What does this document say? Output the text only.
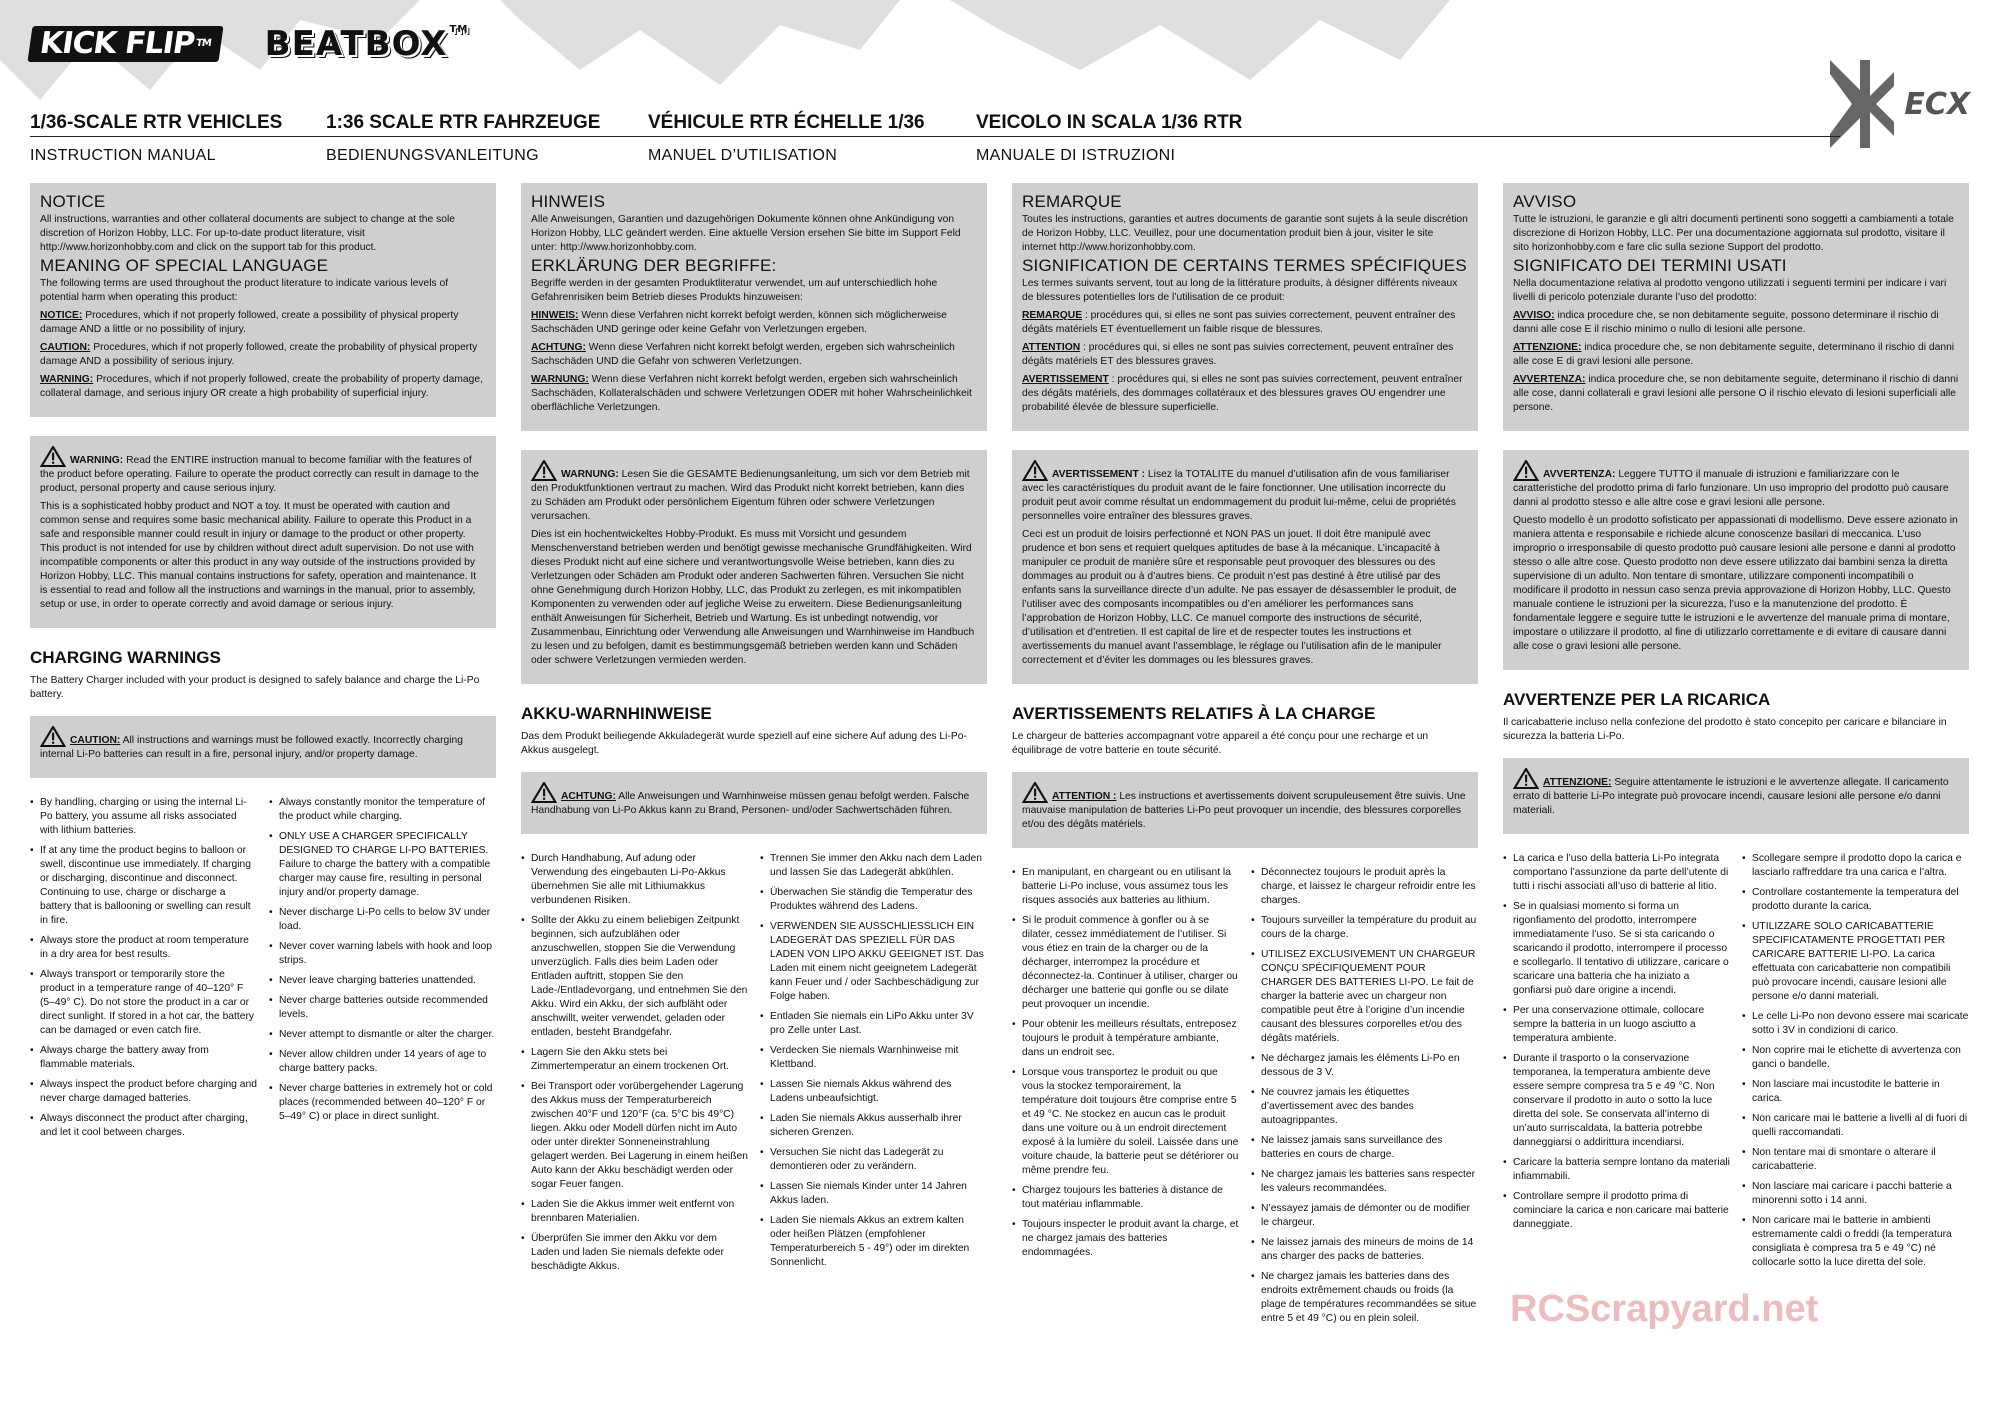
KICK FLIP™	BEATBOX ™
ECX
1/36-SCALE RTR VEHICLES	1:36 SCALE RTR FAHRZEUGE	VÉHICULE RTR ÉCHELLE 1/36	VEICOLO IN SCALA 1/36 RTR
INSTRUCTION MANUAL	BEDIENUNGSVANLEITUNG	MANUEL D’UTILISATION	MANUALE DI ISTRUZIONI
NOTICE

All instructions, warranties and other collateral documents are subject to change at the sole discretion of Horizon Hobby, LLC. For up-to-date product literature, visit http://www.horizonhobby.com and click on the support tab for this product.

MEANING OF SPECIAL LANGUAGE

The following terms are used throughout the product literature to indicate various levels of potential harm when operating this product:

NOTICE: Procedures, which if not properly followed, create a possibility of physical property damage AND a little or no possibility of injury.

CAUTION: Procedures, which if not properly followed, create the probability of physical property damage AND a possibility of serious injury.

WARNING: Procedures, which if not properly followed, create the probability of property damage, collateral damage, and serious injury OR create a high probability of superficial injury.

WARNING: Read the ENTIRE instruction manual to become familiar with the features of the product before operating. Failure to operate the product correctly can result in damage to the product, personal property and cause serious injury.

This is a sophisticated hobby product and NOT a toy. It must be operated with caution and common sense and requires some basic mechanical ability. Failure to operate this Product in a safe and responsible manner could result in injury or damage to the product or other property. This product is not intended for use by children without direct adult supervision. Do not use with incompatible components or alter this product in any way outside of the instructions provided by Horizon Hobby, LLC. This manual contains instructions for safety, operation and maintenance. It is essential to read and follow all the instructions and warnings in the manual, prior to assembly, setup or use, in order to operate correctly and avoid damage or serious injury.

CHARGING WARNINGS

The Battery Charger included with your product is designed to safely balance and charge the Li-Po battery.

CAUTION: All instructions and warnings must be followed exactly. Incorrectly charging internal Li-Po batteries can result in a fire, personal injury, and/or property damage.

• By handling, charging or using the internal Li-Po battery, you assume all risks associated with lithium batteries.
• If at any time the product begins to balloon or swell, discontinue use immediately. If charging or discharging, discontinue and disconnect. Continuing to use, charge or discharge a battery that is ballooning or swelling can result in fire.
• Always store the product at room temperature in a dry area for best results.
• Always transport or temporarily store the product in a temperature range of 40–120° F (5–49° C). Do not store the product in a car or direct sunlight. If stored in a hot car, the battery can be damaged or even catch fire.
• Always charge the battery away from flammable materials.
• Always inspect the product before charging and never charge damaged batteries.
• Always disconnect the product after charging, and let it cool between charges.
• Always constantly monitor the temperature of the product while charging.
• ONLY USE A CHARGER SPECIFICALLY DESIGNED TO CHARGE LI-PO BATTERIES. Failure to charge the battery with a compatible charger may cause fire, resulting in personal injury and/or property damage.
• Never discharge Li-Po cells to below 3V under load.
• Never cover warning labels with hook and loop strips.
• Never leave charging batteries unattended.
• Never charge batteries outside recommended levels.
• Never attempt to dismantle or alter the charger.
• Never allow children under 14 years of age to charge battery packs.
• Never charge batteries in extremely hot or cold places (recommended between 40–120° F or 5–49° C) or place in direct sunlight.
HINWEIS

Alle Anweisungen, Garantien und dazugehörigen Dokumente können ohne Ankündigung von Horizon Hobby, LLC geändert werden. Eine aktuelle Version ersehen Sie bitte im Support Feld unter: http://www.horizonhobby.com.

ERKLÄRUNG DER BEGRIFFE:

Begriffe werden in der gesamten Produktliteratur verwendet, um auf unterschiedlich hohe Gefahrenrisiken beim Betrieb dieses Produkts hinzuweisen:

HINWEIS: Wenn diese Verfahren nicht korrekt befolgt werden, können sich möglicherweise Sachschäden UND geringe oder keine Gefahr von Verletzungen ergeben.

ACHTUNG: Wenn diese Verfahren nicht korrekt befolgt werden, ergeben sich wahrscheinlich Sachschäden UND die Gefahr von schweren Verletzungen.

WARNUNG: Wenn diese Verfahren nicht korrekt befolgt werden, ergeben sich wahrscheinlich Sachschäden, Kollateralschäden und schwere Verletzungen ODER mit hoher Wahrscheinlichkeit oberflächliche Verletzungen.

WARNUNG: Lesen Sie die GESAMTE Bedienungsanleitung, um sich vor dem Betrieb mit den Produktfunktionen vertraut zu machen. Wird das Produkt nicht korrekt betrieben, kann dies zu Schäden am Produkt oder persönlichem Eigentum führen oder schwere Verletzungen verursachen.

Dies ist ein hochentwickeltes Hobby-Produkt. Es muss mit Vorsicht und gesundem Menschenverstand betrieben werden und benötigt gewisse mechanische Grundfähigkeiten. Wird dieses Produkt nicht auf eine sichere und verantwortungsvolle Weise betrieben, kann dies zu Verletzungen oder Schäden am Produkt oder anderen Sachwerten führen. Versuchen Sie nicht ohne Genehmigung durch Horizon Hobby, LLC, das Produkt zu zerlegen, es mit inkompatiblen Komponenten zu verwenden oder auf jegliche Weise zu erweitern. Diese Bedienungsanleitung enthält Anweisungen für Sicherheit, Betrieb und Wartung. Es ist unbedingt notwendig, vor Zusammenbau, Einrichtung oder Verwendung alle Anweisungen und Warnhinweise im Handbuch zu lesen und zu befolgen, damit es bestimmungsgemäß betrieben werden kann und Schäden oder schwere Verletzungen vermieden werden.

AKKU-WARNHINWEISE

Das dem Produkt beiliegende Akkuladegerät wurde speziell auf eine sichere Auf adung des Li-Po-Akkus ausgelegt.

ACHTUNG: Alle Anweisungen und Warnhinweise müssen genau befolgt werden. Falsche Handhabung von Li-Po Akkus kann zu Brand, Personen- und/oder Sachwertschäden führen.

• Durch Handhabung, Auf adung oder Verwendung des eingebauten Li-Po-Akkus übernehmen Sie alle mit Lithiumakkus verbundenen Risiken.
• Sollte der Akku zu einem beliebigen Zeitpunkt beginnen, sich aufzublähen oder anzuschwellen, stoppen Sie die Verwendung unverzüglich. Falls dies beim Laden oder Entladen auftritt, stoppen Sie den Lade-/Entladevorgang, und entnehmen Sie den Akku. Wird ein Akku, der sich aufbläht oder anschwillt, weiter verwendet, geladen oder entladen, besteht Brandgefahr.
• Lagern Sie den Akku stets bei Zimmertemperatur an einem trockenen Ort.
• Bei Transport oder vorübergehender Lagerung des Akkus muss der Temperaturbereich zwischen 40°F und 120°F (ca. 5°C bis 49°C) liegen. Akku oder Modell dürfen nicht im Auto oder unter direkter Sonneneinstrahlung gelagert werden. Bei Lagerung in einem heißen Auto kann der Akku beschädigt werden oder sogar Feuer fangen.
• Laden Sie die Akkus immer weit entfernt von brennbaren Materialien.
• Überprüfen Sie immer den Akku vor dem Laden und laden Sie niemals defekte oder beschädigte Akkus.
• Trennen Sie immer den Akku nach dem Laden und lassen Sie das Ladegerät abkühlen.
• Überwachen Sie ständig die Temperatur des Produktes während des Ladens.
• VERWENDEN SIE AUSSCHLIESSLICH EIN LADEGERÄT DAS SPEZIELL FÜR DAS LADEN VON LIPO AKKU GEEIGNET IST. Das Laden mit einem nicht geeignetem Ladegerät kann Feuer und / oder Sachbeschädigung zur Folge haben.
• Entladen Sie niemals ein LiPo Akku unter 3V pro Zelle unter Last.
• Verdecken Sie niemals Warnhinweise mit Klettband.
• Lassen Sie niemals Akkus während des Ladens unbeaufsichtigt.
• Laden Sie niemals Akkus ausserhalb ihrer sicheren Grenzen.
• Versuchen Sie nicht das Ladegerät zu demontieren oder zu verändern.
• Lassen Sie niemals Kinder unter 14 Jahren Akkus laden.
• Laden Sie niemals Akkus an extrem kalten oder heißen Plätzen (empfohlener Temperaturbereich 5 - 49°) oder im direkten Sonnenlicht.
REMARQUE

Toutes les instructions, garanties et autres documents de garantie sont sujets à la seule discrétion de Horizon Hobby, LLC. Veuillez, pour une documentation produit bien à jour, visiter le site internet http://www.horizonhobby.com.

SIGNIFICATION DE CERTAINS TERMES SPÉCIFIQUES

Les termes suivants servent, tout au long de la littérature produits, à désigner différents niveaux de blessures potentielles lors de l’utilisation de ce produit:

REMARQUE : procédures qui, si elles ne sont pas suivies correctement, peuvent entraîner des dégâts matériels ET éventuellement un faible risque de blessures.

ATTENTION : procédures qui, si elles ne sont pas suivies correctement, peuvent entraîner des dégâts matériels ET des blessures graves.

AVERTISSEMENT : procédures qui, si elles ne sont pas suivies correctement, peuvent entraîner des dégâts matériels, des dommages collatéraux et des blessures graves OU engendrer une probabilité élevée de blessure superficielle.

AVERTISSEMENT : Lisez la TOTALITE du manuel d’utilisation afin de vous familiariser avec les caractéristiques du produit avant de le faire fonctionner. Une utilisation incorrecte du produit peut avoir comme résultat un endommagement du produit lui-même, celui de propriétés personnelles voire entraîner des blessures graves.

Ceci est un produit de loisirs perfectionné et NON PAS un jouet. Il doit être manipulé avec prudence et bon sens et requiert quelques aptitudes de base à la mécanique. L’incapacité à manipuler ce produit de manière sûre et responsable peut provoquer des blessures ou des dommages au produit ou à d’autres biens. Ce produit n’est pas destiné à être utilisé par des enfants sans la surveillance directe d’un adulte. Ne pas essayer de désassembler le produit, de l’utiliser avec des composants incompatibles ou d’en améliorer les performances sans l’approbation de Horizon Hobby, LLC. Ce manuel comporte des instructions de sécurité, d’utilisation et d’entretien. Il est capital de lire et de respecter toutes les instructions et avertissements du manuel avant l’assemblage, le réglage ou l’utilisation afin de le manipuler correctement et d’éviter les dommages ou les blessures graves.

AVERTISSEMENTS RELATIFS À LA CHARGE

Le chargeur de batteries accompagnant votre appareil a été conçu pour une recharge et un équilibrage de votre batterie en toute sécurité.

ATTENTION : Les instructions et avertissements doivent scrupuleusement être suivis. Une mauvaise manipulation de batteries Li-Po peut provoquer un incendie, des blessures corporelles et/ou des dégâts matériels.

• En manipulant, en chargeant ou en utilisant la batterie Li-Po incluse, vous assumez tous les risques associés aux batteries au lithium.
• Si le produit commence à gonfler ou à se dilater, cessez immédiatement de l’utiliser. Si vous étiez en train de la charger ou de la décharger, interrompez la procédure et déconnectez-la. Continuer à utiliser, charger ou décharger une batterie qui gonfle ou se dilate peut provoquer un incendie.
• Pour obtenir les meilleurs résultats, entreposez toujours le produit à température ambiante, dans un endroit sec.
• Lorsque vous transportez le produit ou que vous la stockez temporairement, la température doit toujours être comprise entre 5 et 49 °C. Ne stockez en aucun cas le produit dans une voiture ou à un endroit directement exposé à la lumière du soleil. Laissée dans une voiture chaude, la batterie peut se détériorer ou même prendre feu.
• Chargez toujours les batteries à distance de tout matériau inflammable.
• Toujours inspecter le produit avant la charge, et ne chargez jamais des batteries endommagées.
• Déconnectez toujours le produit après la charge, et laissez le chargeur refroidir entre les charges.
• Toujours surveiller la température du produit au cours de la charge.
• UTILISEZ EXCLUSIVEMENT UN CHARGEUR CONÇU SPÉCIFIQUEMENT POUR CHARGER DES BATTERIES LI-PO. Le fait de charger la batterie avec un chargeur non compatible peut être à l’origine d’un incendie causant des blessures corporelles et/ou des dégâts matériels.
• Ne déchargez jamais les éléments Li-Po en dessous de 3 V.
• Ne couvrez jamais les étiquettes d’avertissement avec des bandes autoagrippantes.
• Ne laissez jamais sans surveillance des batteries en cours de charge.
• Ne chargez jamais les batteries sans respecter les valeurs recommandées.
• N’essayez jamais de démonter ou de modifier le chargeur.
• Ne laissez jamais des mineurs de moins de 14 ans charger des packs de batteries.
• Ne chargez jamais les batteries dans des endroits extrêmement chauds ou froids (la plage de températures recommandées se situe entre 5 et 49 °C) ou en plein soleil.
AVVISO

Tutte le istruzioni, le garanzie e gli altri documenti pertinenti sono soggetti a cambiamenti a totale discrezione di Horizon Hobby, LLC. Per una documentazione aggiornata sul prodotto, visitare il sito horizonhobby.com e fare clic sulla sezione Support del prodotto.

SIGNIFICATO DEI TERMINI USATI

Nella documentazione relativa al prodotto vengono utilizzati i seguenti termini per indicare i vari livelli di pericolo potenziale durante l’uso del prodotto:

AVVISO: indica procedure che, se non debitamente seguite, possono determinare il rischio di danni alle cose E il rischio minimo o nullo di lesioni alle persone.

ATTENZIONE: indica procedure che, se non debitamente seguite, determinano il rischio di danni alle cose E di gravi lesioni alle persone.

AVVERTENZA: indica procedure che, se non debitamente seguite, determinano il rischio di danni alle cose, danni collaterali e gravi lesioni alle persone O il rischio elevato di lesioni superficiali alle persone.

AVVERTENZA: Leggere TUTTO il manuale di istruzioni e familiarizzare con le caratteristiche del prodotto prima di farlo funzionare. Un uso improprio del prodotto può causare danni al prodotto stesso e alle altre cose e gravi lesioni alle persone.

Questo modello è un prodotto sofisticato per appassionati di modellismo. Deve essere azionato in maniera attenta e responsabile e richiede alcune conoscenze basilari di meccanica. L’uso improprio o irresponsabile di questo prodotto può causare lesioni alle persone e danni al prodotto stesso o alle altre cose. Questo prodotto non deve essere utilizzato dai bambini senza la diretta supervisione di un adulto. Non tentare di smontare, utilizzare componenti incompatibili o modificare il prodotto in nessun caso senza previa approvazione di Horizon Hobby, LLC. Questo manuale contiene le istruzioni per la sicurezza, l’uso e la manutenzione del prodotto. È fondamentale leggere e seguire tutte le istruzioni e le avvertenze del manuale prima di montare, impostare o utilizzare il prodotto, al fine di utilizzarlo correttamente e di evitare di causare danni alle cose o gravi lesioni alle persone.

AVVERTENZE PER LA RICARICA

Il caricabatterie incluso nella confezione del prodotto è stato concepito per caricare e bilanciare in sicurezza la batteria Li-Po.

ATTENZIONE: Seguire attentamente le istruzioni e le avvertenze allegate. Il caricamento errato di batterie Li-Po integrate può provocare incendi, causare lesioni alle persone e/o danni materiali.

• La carica e l’uso della batteria Li-Po integrata comportano l’assunzione da parte dell’utente di tutti i rischi associati all’uso di batterie al litio.
• Se in qualsiasi momento si forma un rigonfiamento del prodotto, interrompere immediatamente l’uso. Se si sta caricando o scaricando il prodotto, interrompere il processo e scollegarlo. Il tentativo di utilizzare, caricare o scaricare una batteria che ha iniziato a gonfiarsi può dare origine a incendi.
• Per una conservazione ottimale, collocare sempre la batteria in un luogo asciutto a temperatura ambiente.
• Durante il trasporto o la conservazione temporanea, la temperatura ambiente deve essere sempre compresa tra 5 e 49 °C. Non conservare il prodotto in auto o sotto la luce diretta del sole. Se conservata all’interno di un’auto surriscaldata, la batteria potrebbe danneggiarsi o addirittura incendiarsi.
• Caricare la batteria sempre lontano da materiali infiammabili.
• Controllare sempre il prodotto prima di cominciare la carica e non caricare mai batterie danneggiate.
• Scollegare sempre il prodotto dopo la carica e lasciarlo raffreddare tra una carica e l’altra.
• Controllare costantemente la temperatura del prodotto durante la carica.
• UTILIZZARE SOLO CARICABATTERIE SPECIFICATAMENTE PROGETTATI PER CARICARE BATTERIE LI-PO. La carica effettuata con caricabatterie non compatibili può provocare incendi, causare lesioni alle persone e/o danni materiali.
• Le celle Li-Po non devono essere mai scaricate sotto i 3V in condizioni di carico.
• Non coprire mai le etichette di avvertenza con ganci o bandelle.
• Non lasciare mai incustodite le batterie in carica.
• Non caricare mai le batterie a livelli al di fuori di quelli raccomandati.
• Non tentare mai di smontare o alterare il caricabatterie.
• Non lasciare mai caricare i pacchi batterie a minorenni sotto i 14 anni.
• Non caricare mai le batterie in ambienti estremamente caldi o freddi (la temperatura consigliata è compresa tra 5 e 49 °C) né collocarle sotto la luce diretta del sole.
RCScrapyard.net
